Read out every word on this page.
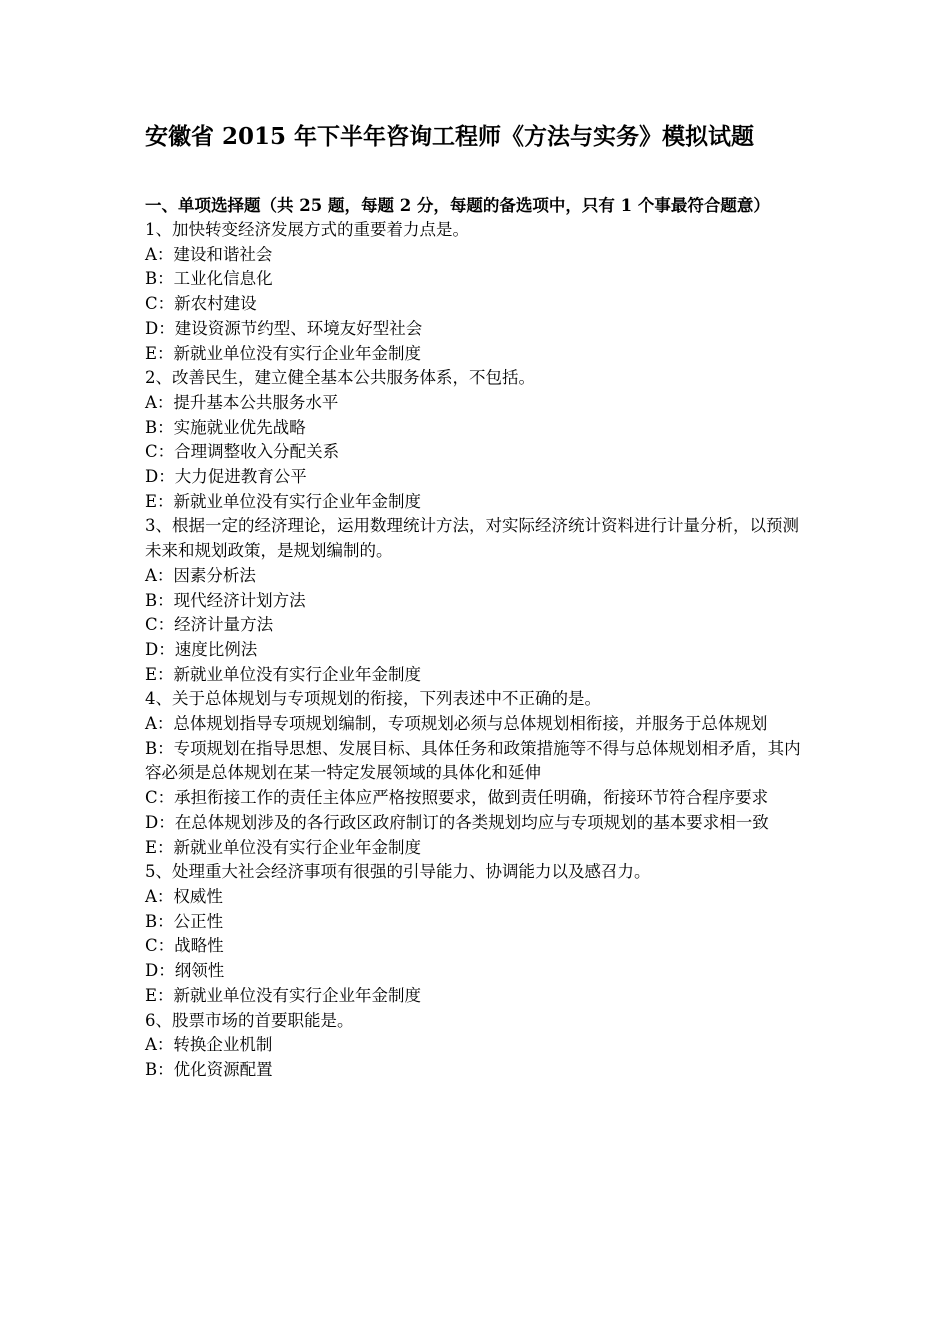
安徽省 2015 年下半年咨询工程师《方法与实务》模拟试题

一、单项选择题（共 25 题，每题 2 分，每题的备选项中，只有 1 个事最符合题意）

1、加快转变经济发展方式的重要着力点是。

A：建设和谐社会

B：工业化信息化

C：新农村建设

D：建设资源节约型、环境友好型社会

E：新就业单位没有实行企业年金制度

2、改善民生，建立健全基本公共服务体系，不包括。

A：提升基本公共服务水平

B：实施就业优先战略

C：合理调整收入分配关系

D：大力促进教育公平

E：新就业单位没有实行企业年金制度

3、根据一定的经济理论，运用数理统计方法，对实际经济统计资料进行计量分析，以预测未来和规划政策，是规划编制的。

A：因素分析法

B：现代经济计划方法

C：经济计量方法

D：速度比例法

E：新就业单位没有实行企业年金制度

4、关于总体规划与专项规划的衔接，下列表述中不正确的是。

A：总体规划指导专项规划编制，专项规划必须与总体规划相衔接，并服务于总体规划

B：专项规划在指导思想、发展目标、具体任务和政策措施等不得与总体规划相矛盾，其内容必须是总体规划在某一特定发展领域的具体化和延伸

C：承担衔接工作的责任主体应严格按照要求，做到责任明确，衔接环节符合程序要求

D：在总体规划涉及的各行政区政府制订的各类规划均应与专项规划的基本要求相一致

E：新就业单位没有实行企业年金制度

5、处理重大社会经济事项有很强的引导能力、协调能力以及感召力。

A：权威性

B：公正性

C：战略性

D：纲领性

E：新就业单位没有实行企业年金制度

6、股票市场的首要职能是。

A：转换企业机制

B：优化资源配置
